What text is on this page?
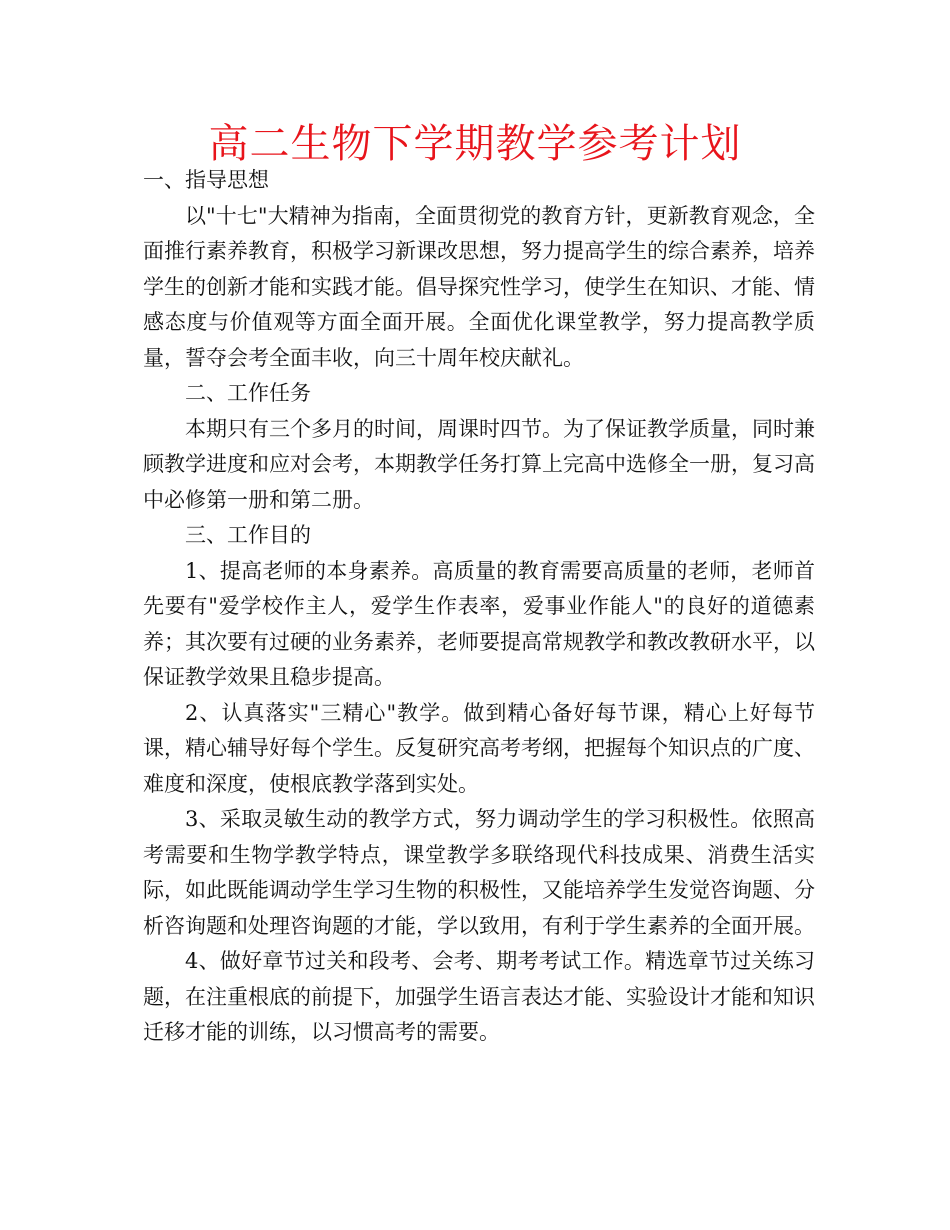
高二生物下学期教学参考计划

一、指导思想

以"十七"大精神为指南，全面贯彻党的教育方针，更新教育观念，全面推行素养教育，积极学习新课改思想，努力提高学生的综合素养，培养学生的创新才能和实践才能。倡导探究性学习，使学生在知识、才能、情感态度与价值观等方面全面开展。全面优化课堂教学，努力提高教学质量，誓夺会考全面丰收，向三十周年校庆献礼。

二、工作任务

本期只有三个多月的时间，周课时四节。为了保证教学质量，同时兼顾教学进度和应对会考，本期教学任务打算上完高中选修全一册，复习高中必修第一册和第二册。

三、工作目的

1、提高老师的本身素养。高质量的教育需要高质量的老师，老师首先要有"爱学校作主人，爱学生作表率，爱事业作能人"的良好的道德素养；其次要有过硬的业务素养，老师要提高常规教学和教改教研水平，以保证教学效果且稳步提高。

2、认真落实"三精心"教学。做到精心备好每节课，精心上好每节课，精心辅导好每个学生。反复研究高考考纲，把握每个知识点的广度、难度和深度，使根底教学落到实处。

3、采取灵敏生动的教学方式，努力调动学生的学习积极性。依照高考需要和生物学教学特点，课堂教学多联络现代科技成果、消费生活实际，如此既能调动学生学习生物的积极性，又能培养学生发觉咨询题、分析咨询题和处理咨询题的才能，学以致用，有利于学生素养的全面开展。

4、做好章节过关和段考、会考、期考考试工作。精选章节过关练习题，在注重根底的前提下，加强学生语言表达才能、实验设计才能和知识迁移才能的训练，以习惯高考的需要。
